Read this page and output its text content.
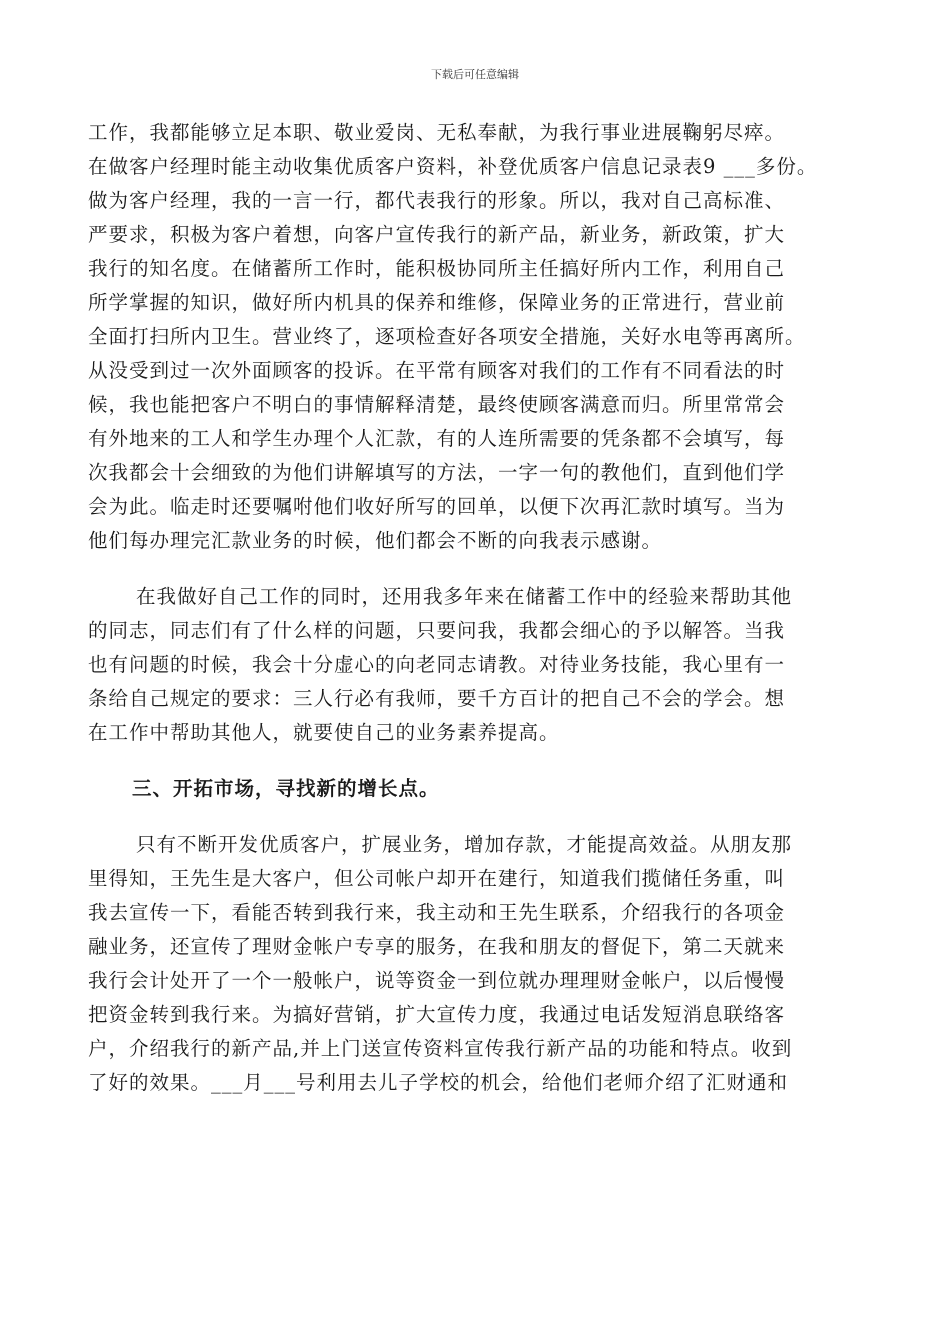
下载后可任意编辑
工作，我都能够立足本职、敬业爱岗、无私奉献，为我行事业进展鞠躬尽瘁。
在做客户经理时能主动收集优质客户资料，补登优质客户信息记录表9 ___多份。
做为客户经理，我的一言一行，都代表我行的形象。所以，我对自己高标准、
严要求，积极为客户着想，向客户宣传我行的新产品，新业务，新政策，扩大
我行的知名度。在储蓄所工作时，能积极协同所主任搞好所内工作，利用自己
所学掌握的知识，做好所内机具的保养和维修，保障业务的正常进行，营业前
全面打扫所内卫生。营业终了，逐项检查好各项安全措施，关好水电等再离所。
从没受到过一次外面顾客的投诉。在平常有顾客对我们的工作有不同看法的时
候，我也能把客户不明白的事情解释清楚，最终使顾客满意而归。所里常常会
有外地来的工人和学生办理个人汇款，有的人连所需要的凭条都不会填写，每
次我都会十会细致的为他们讲解填写的方法，一字一句的教他们，直到他们学
会为此。临走时还要嘱咐他们收好所写的回单，以便下次再汇款时填写。当为
他们每办理完汇款业务的时候，他们都会不断的向我表示感谢。
在我做好自己工作的同时，还用我多年来在储蓄工作中的经验来帮助其他
的同志，同志们有了什么样的问题，只要问我，我都会细心的予以解答。当我
也有问题的时候，我会十分虚心的向老同志请教。对待业务技能，我心里有一
条给自己规定的要求：三人行必有我师，要千方百计的把自己不会的学会。想
在工作中帮助其他人，就要使自己的业务素养提高。
三、开拓市场，寻找新的增长点。
只有不断开发优质客户，扩展业务，增加存款，才能提高效益。从朋友那
里得知，王先生是大客户，但公司帐户却开在建行，知道我们揽储任务重，叫
我去宣传一下，看能否转到我行来，我主动和王先生联系，介绍我行的各项金
融业务，还宣传了理财金帐户专享的服务，在我和朋友的督促下，第二天就来
我行会计处开了一个一般帐户，说等资金一到位就办理理财金帐户，以后慢慢
把资金转到我行来。为搞好营销，扩大宣传力度，我通过电话发短消息联络客
户，介绍我行的新产品,并上门送宣传资料宣传我行新产品的功能和特点。收到
了好的效果。___月___号利用去儿子学校的机会，给他们老师介绍了汇财通和
